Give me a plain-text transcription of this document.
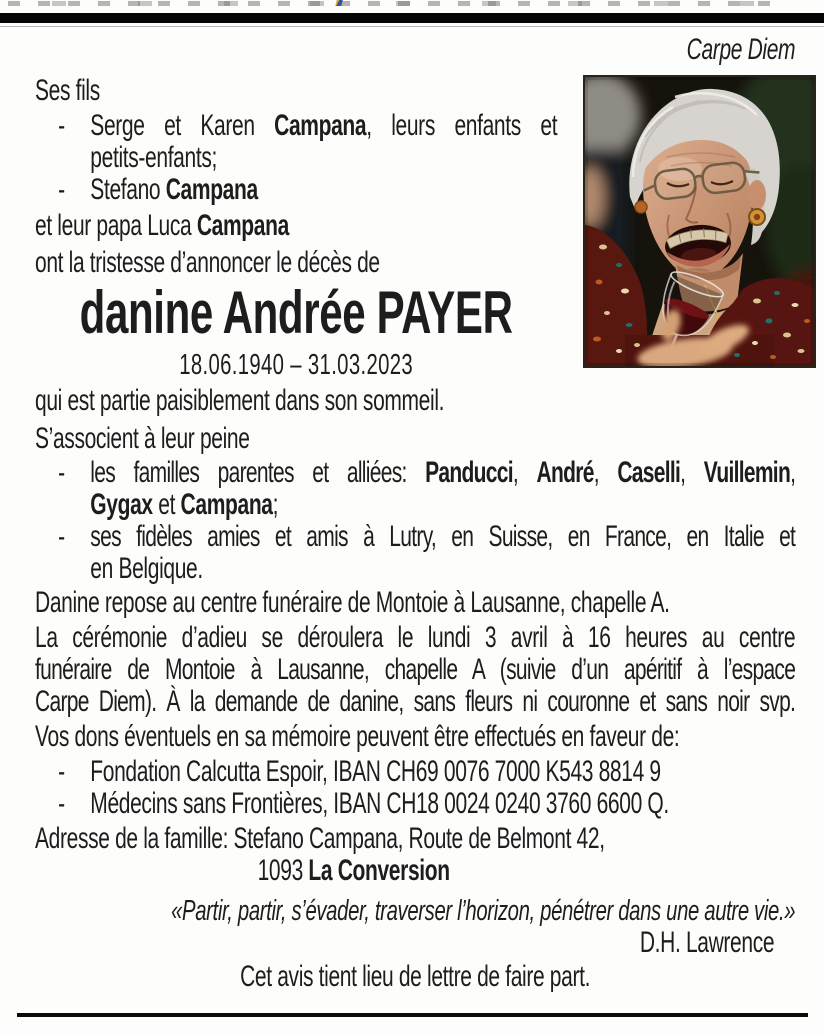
Carpe Diem
Ses fils
- Serge et Karen Campana, leurs enfants et
petits-enfants;
- Stefano Campana
et leur papa Luca Campana
ont la tristesse d’annoncer le décès de
danine Andrée PAYER
18.06.1940 – 31.03.2023
qui est partie paisiblement dans son sommeil.
S’associent à leur peine
- les familles parentes et alliées: Panducci, André, Caselli, Vuillemin,
Gygax et Campana;
- ses fidèles amies et amis à Lutry, en Suisse, en France, en Italie et
en Belgique.
Danine repose au centre funéraire de Montoie à Lausanne, chapelle A.
La cérémonie d’adieu se déroulera le lundi 3 avril à 16 heures au centre
funéraire de Montoie à Lausanne, chapelle A (suivie d’un apéritif à l’espace
Carpe Diem). À la demande de danine, sans fleurs ni couronne et sans noir svp.
Vos dons éventuels en sa mémoire peuvent être effectués en faveur de:
- Fondation Calcutta Espoir, IBAN CH69 0076 7000 K543 8814 9
- Médecins sans Frontières, IBAN CH18 0024 0240 3760 6600 Q.
Adresse de la famille: Stefano Campana, Route de Belmont 42,
1093 La Conversion
«Partir, partir, s’évader, traverser l’horizon, pénétrer dans une autre vie.»
D.H. Lawrence
Cet avis tient lieu de lettre de faire part.
